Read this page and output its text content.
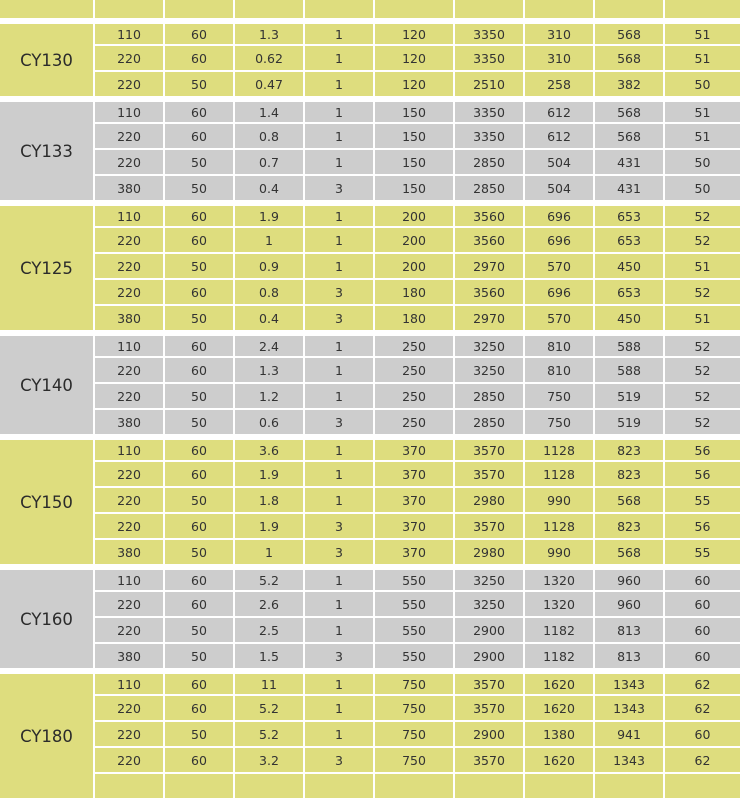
CY130	110	60	1.3	1	120	3350	310	568	51
	220	60	0.62	1	120	3350	310	568	51
	220	50	0.47	1	120	2510	258	382	50
CY133	110	60	1.4	1	150	3350	612	568	51
	220	60	0.8	1	150	3350	612	568	51
	220	50	0.7	1	150	2850	504	431	50
	380	50	0.4	3	150	2850	504	431	50
CY125	110	60	1.9	1	200	3560	696	653	52
	220	60	1	1	200	3560	696	653	52
	220	50	0.9	1	200	2970	570	450	51
	220	60	0.8	3	180	3560	696	653	52
	380	50	0.4	3	180	2970	570	450	51
CY140	110	60	2.4	1	250	3250	810	588	52
	220	60	1.3	1	250	3250	810	588	52
	220	50	1.2	1	250	2850	750	519	52
	380	50	0.6	3	250	2850	750	519	52
CY150	110	60	3.6	1	370	3570	1128	823	56
	220	60	1.9	1	370	3570	1128	823	56
	220	50	1.8	1	370	2980	990	568	55
	220	60	1.9	3	370	3570	1128	823	56
	380	50	1	3	370	2980	990	568	55
CY160	110	60	5.2	1	550	3250	1320	960	60
	220	60	2.6	1	550	3250	1320	960	60
	220	50	2.5	1	550	2900	1182	813	60
	380	50	1.5	3	550	2900	1182	813	60
CY180	110	60	11	1	750	3570	1620	1343	62
	220	60	5.2	1	750	3570	1620	1343	62
	220	50	5.2	1	750	2900	1380	941	60
	220	60	3.2	3	750	3570	1620	1343	62
